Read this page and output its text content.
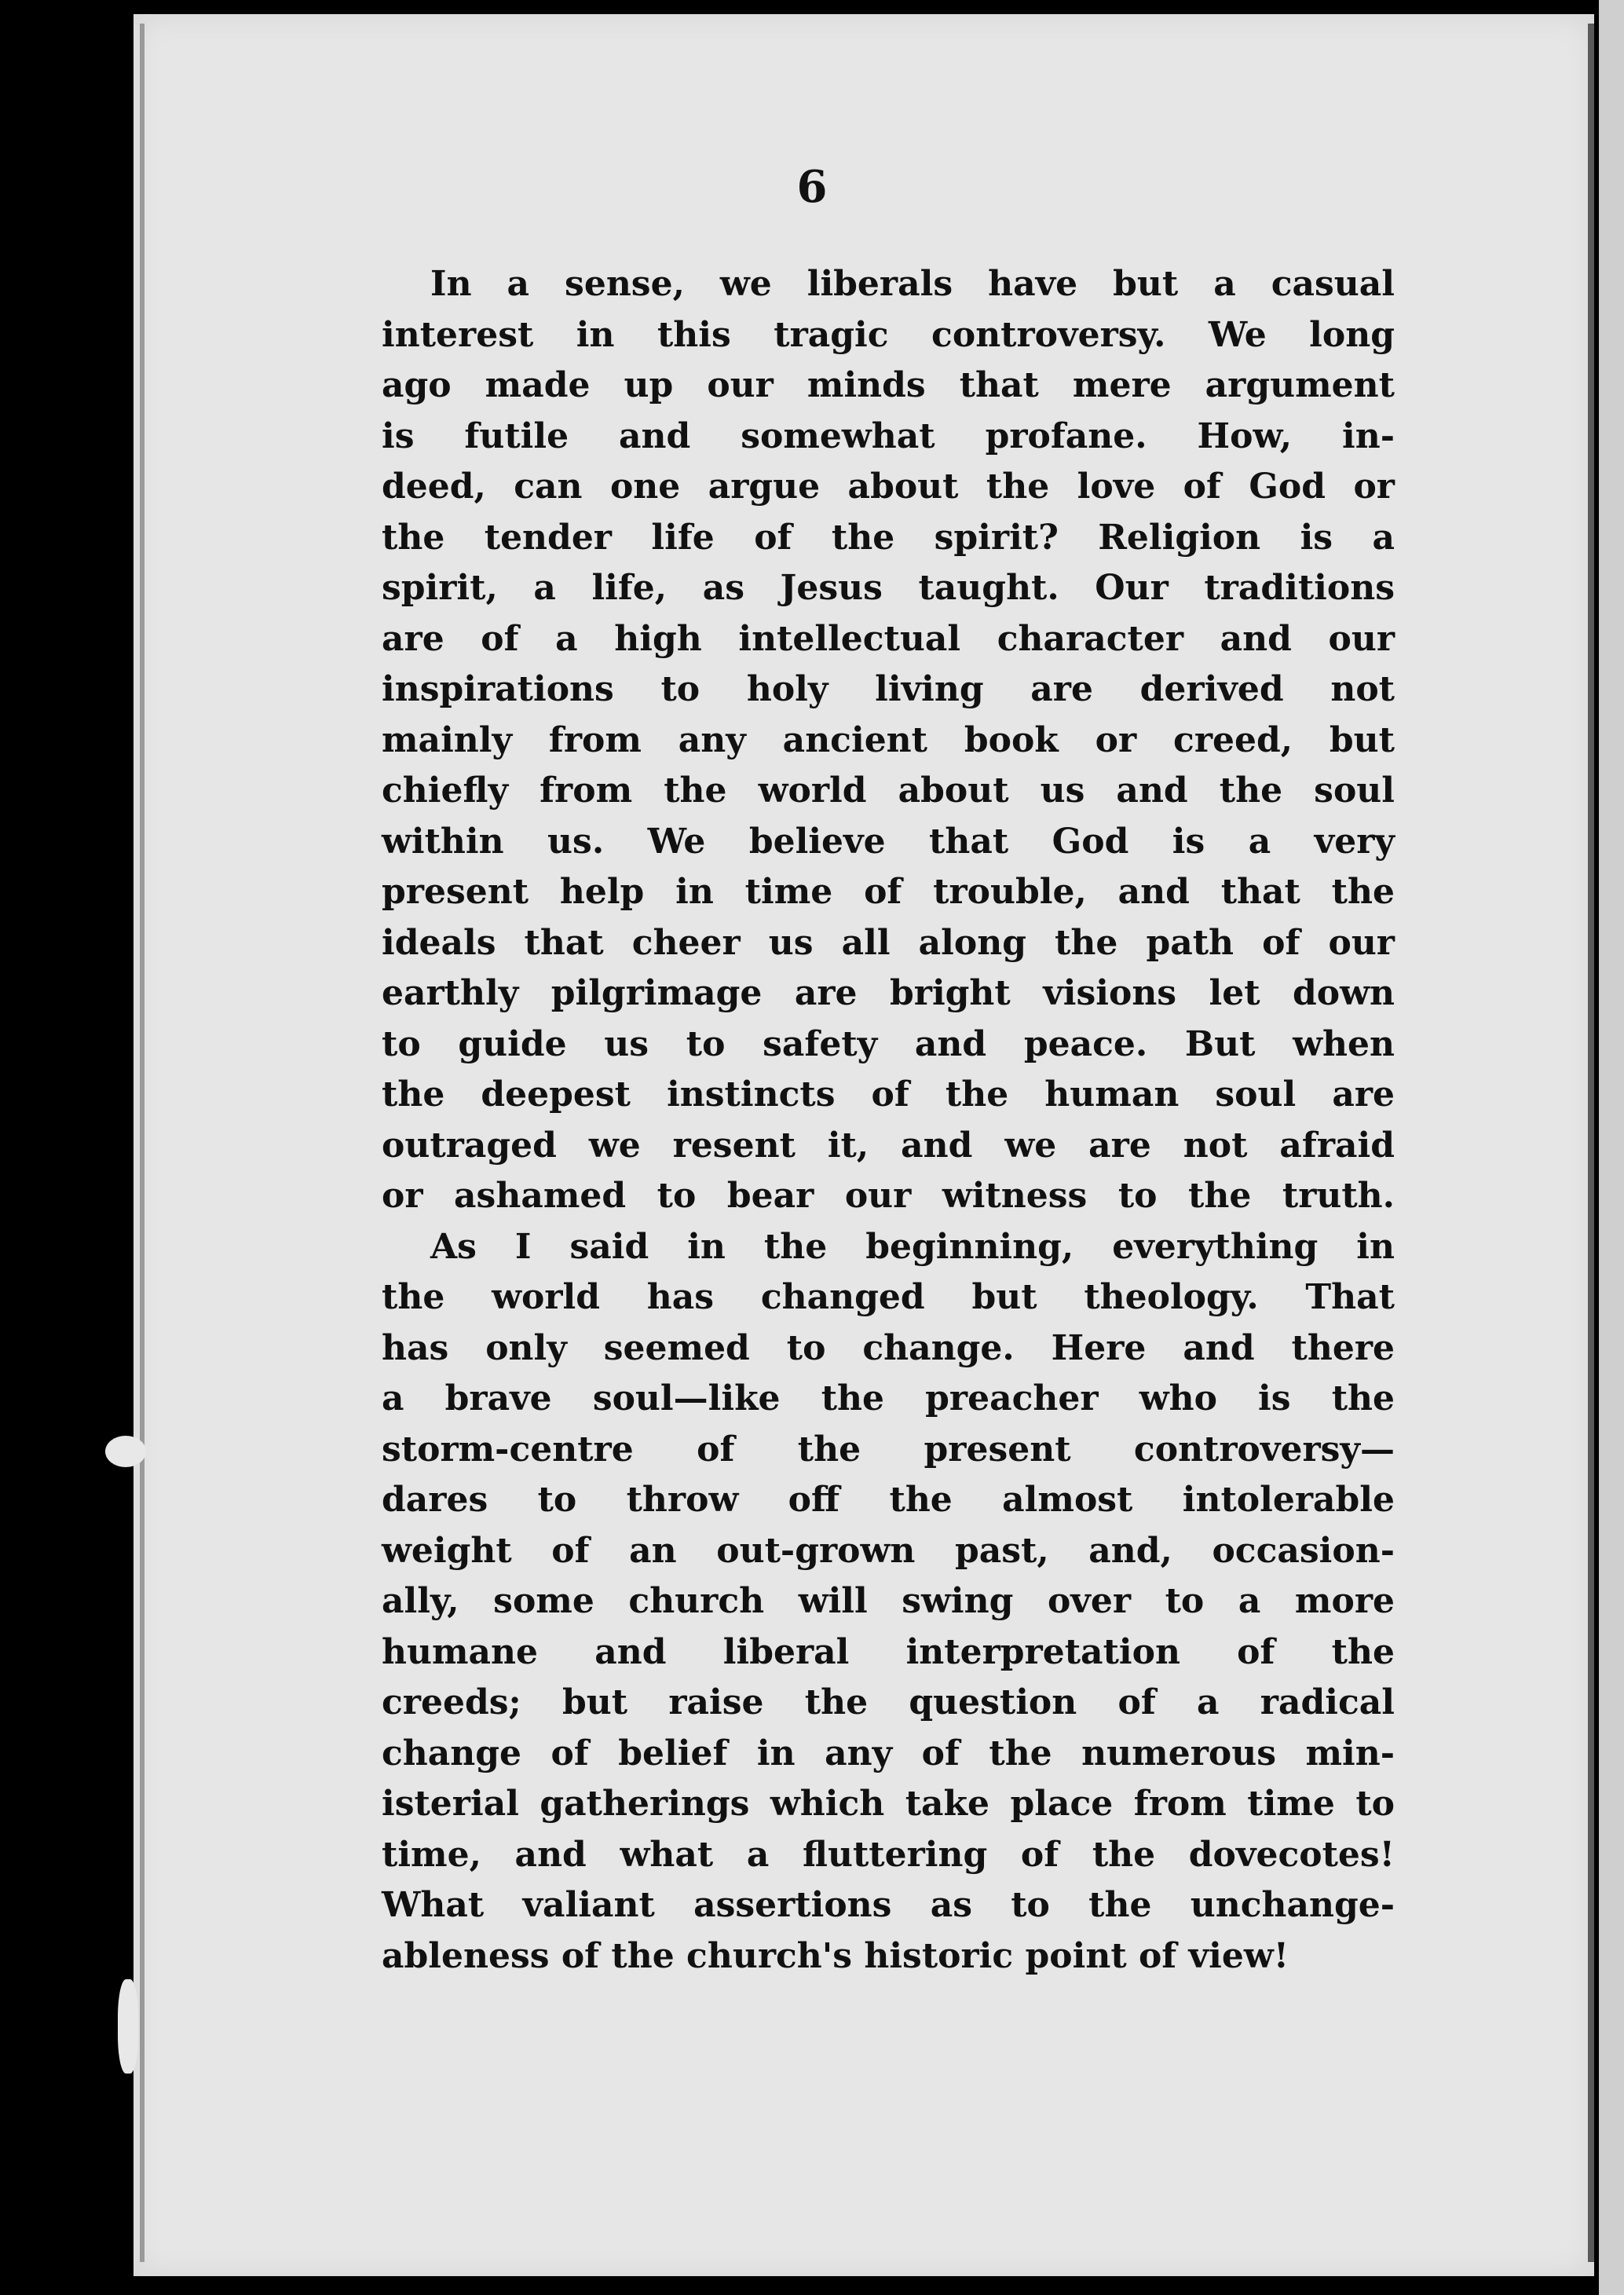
6
In a sense, we liberals have but a casual
interest in this tragic controversy. We long
ago made up our minds that mere argument
is futile and somewhat profane. How, in-
deed, can one argue about the love of God or
the tender life of the spirit? Religion is a
spirit, a life, as Jesus taught. Our traditions
are of a high intellectual character and our
inspirations to holy living are derived not
mainly from any ancient book or creed, but
chiefly from the world about us and the soul
within us. We believe that God is a very
present help in time of trouble, and that the
ideals that cheer us all along the path of our
earthly pilgrimage are bright visions let down
to guide us to safety and peace. But when
the deepest instincts of the human soul are
outraged we resent it, and we are not afraid
or ashamed to bear our witness to the truth.
As I said in the beginning, everything in
the world has changed but theology. That
has only seemed to change. Here and there
a brave soul—like the preacher who is the
storm-centre of the present controversy—
dares to throw off the almost intolerable
weight of an out-grown past, and, occasion-
ally, some church will swing over to a more
humane and liberal interpretation of the
creeds; but raise the question of a radical
change of belief in any of the numerous min-
isterial gatherings which take place from time to
time, and what a fluttering of the dovecotes!
What valiant assertions as to the unchange-
ableness of the church's historic point of view!
